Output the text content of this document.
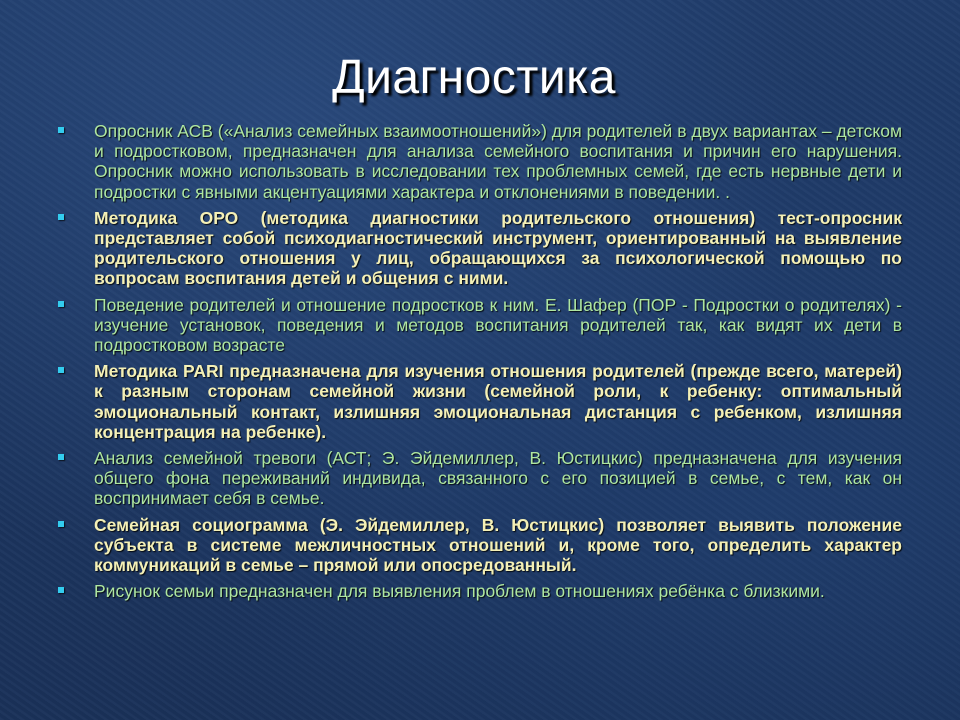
Диагностика
Опросник АСВ («Анализ семейных взаимоотношений») для родителей в двух вариантах – детском и подростковом, предназначен для анализа семейного воспитания и причин его нарушения. Опросник можно использовать в исследовании тех проблемных семей, где есть нервные дети и подростки с явными акцентуациями характера и отклонениями в поведении. .
Методика ОРО (методика диагностики родительского отношения) тест-опросник представляет собой психодиагностический инструмент, ориентированный на выявление родительского отношения у лиц, обращающихся за психологической помощью по вопросам воспитания детей и общения с ними.
Поведение родителей и отношение подростков к ним. Е. Шафер (ПОР - Подростки о родителях) - изучение установок, поведения и методов воспитания родителей так, как видят их дети в подростковом возрасте
Методика PARI предназначена для изучения отношения родителей (прежде всего, матерей) к разным сторонам семейной жизни (семейной роли, к ребенку: оптимальный эмоциональный контакт, излишняя эмоциональная дистанция с ребенком, излишняя концентрация на ребенке).
Анализ семейной тревоги (АСТ; Э. Эйдемиллер, В. Юстицкис) предназначена для изучения общего фона переживаний индивида, связанного с его позицией в семье, с тем, как он воспринимает себя в семье.
Семейная социограмма (Э. Эйдемиллер, В. Юстицкис) позволяет выявить положение субъекта в системе межличностных отношений и, кроме того, определить характер коммуникаций в семье – прямой или опосредованный.
Рисунок семьи предназначен для выявления проблем в отношениях ребёнка с близкими.
